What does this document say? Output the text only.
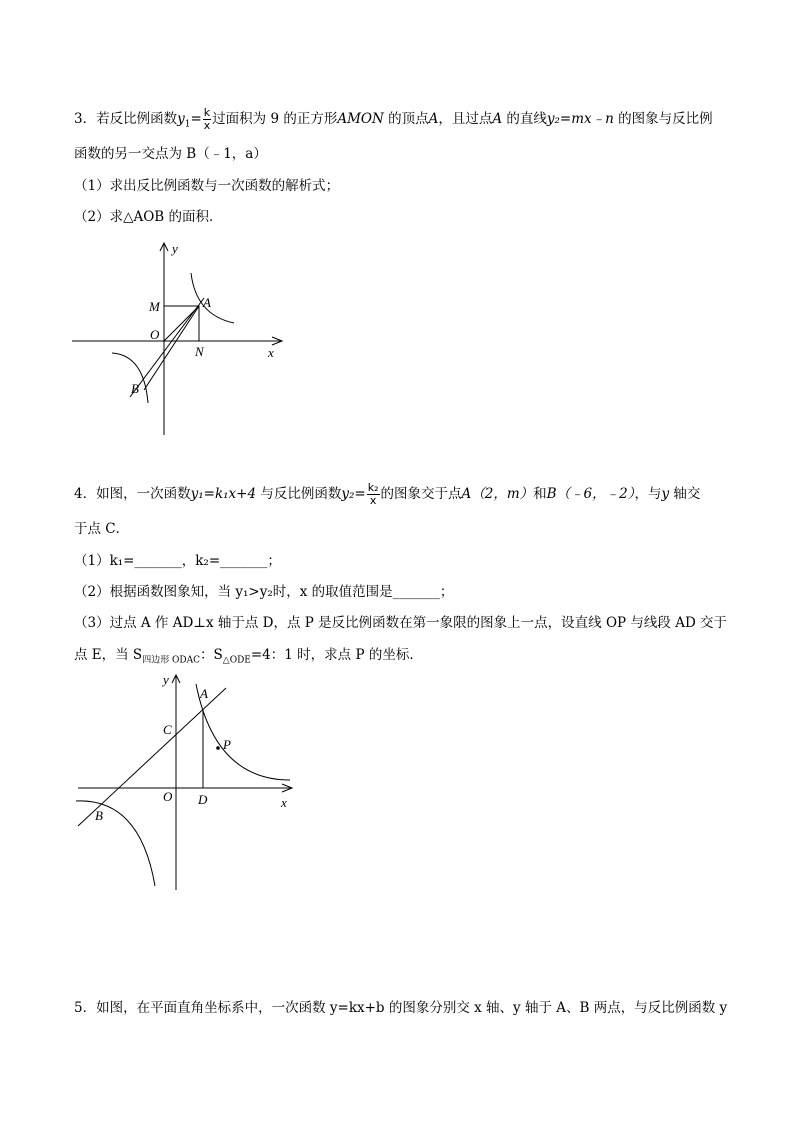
3．若反比例函数$y_1= \frac{k}{x}$ 过面积为 9 的正方形AMON 的顶点A，且过点A 的直线y₂=mx﹣n 的图象与反比例
函数的另一交点为 B（﹣1，a）
（1）求出反比例函数与一次函数的解析式；
（2）求△AOB 的面积．
y
x
M	A
O
N
B
4．如图，一次函数y₁=k₁x+4 与反比例函数$y_2= \frac{\text{k₂}}{x}$ 的图象交于点A（2，m）和B（﹣6，﹣2），与y 轴交
于点 C．
（1）k₁=_______，k₂=_______；
（2）根据函数图象知，当 y₁>y₂时，x 的取值范围是_______；
（3）过点 A 作 AD⊥x 轴于点 D，点 P 是反比例函数在第一象限的图象上一点，设直线 OP 与线段 AD 交于
点 E，当 $S_{四边形 ODAC}$：$S_{\triangle ODE}=4$：1 时，求点 P 的坐标．
y
A
C
P
O D	x
B
5．如图，在平面直角坐标系中，一次函数 y=kx+b 的图象分别交 x 轴、y 轴于 A、B 两点，与反比例函数 y
